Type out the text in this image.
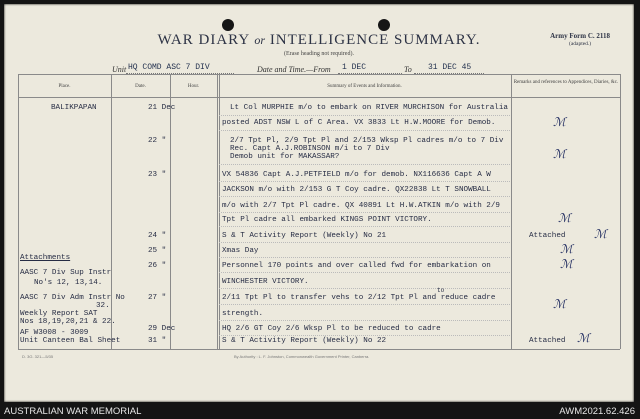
WAR DIARY or INTELLIGENCE SUMMARY.
(Erase heading not required).
Army Form C. 2118
(adapted.)
Unit HQ COMD ASC 7 DIV	Date and Time.—From 1 DEC	To 31 DEC 45
Place.	Date.	Hour.	Summary of Events and Information.
Remarks and references to Appendices, Diaries, &c.
BALIKPAPAN	21 Dec	Lt Col MURPHIE m/o to embark on RIVER MURCHISON for Australia
posted ADST NSW L of C Area. VX 3833 Lt H.W.MOORE for Demob.	ℳ
22 "	2/7 Tpt Pl, 2/9 Tpt Pl and 2/153 Wksp Pl cadres m/o to 7 Div
Rec. Capt A.J.ROBINSON m/i to 7 Div
Demob unit for MAKASSAR?	ℳ
23 "	VX 54836 Capt A.J.PETFIELD m/o for demob. NX116636 Capt A W
JACKSON m/o with 2/153 G T Coy cadre. QX22838 Lt T SNOWBALL
m/o with 2/7 Tpt Pl cadre. QX 40891 Lt H.W.ATKIN m/o with 2/9
Tpt Pl cadre all embarked KINGS POINT VICTORY.	ℳ
24 "	S & T Activity Report (Weekly) No 21	Attached ℳ
25 "	Xmas Day	ℳ
26 "	Personnel 170 points and over called fwd for embarkation on	ℳ
WINCHESTER VICTORY.
to
27 "	2/11 Tpt Pl to transfer vehs to 2/12 Tpt Pl and reduce cadre	ℳ
strength.
29 Dec	HQ 2/6 GT Coy 2/6 Wksp Pl to be reduced to cadre
31 "	S & T Activity Report (Weekly) No 22	Attached ℳ
Attachments
AASC 7 Div Sup Instr
No's 12, 13,14.
AASC 7 Div Adm Instr No
32.
Weekly Report SAT
Nos 18,19,20,21 & 22.
AF W3008 - 3009
Unit Canteen Bal Sheet
D. 3G. 321—5/35	By Authority : L. F. Johnston, Commonwealth Government Printer, Canberra.
AUSTRALIAN WAR MEMORIAL	AWM2021.62.426
